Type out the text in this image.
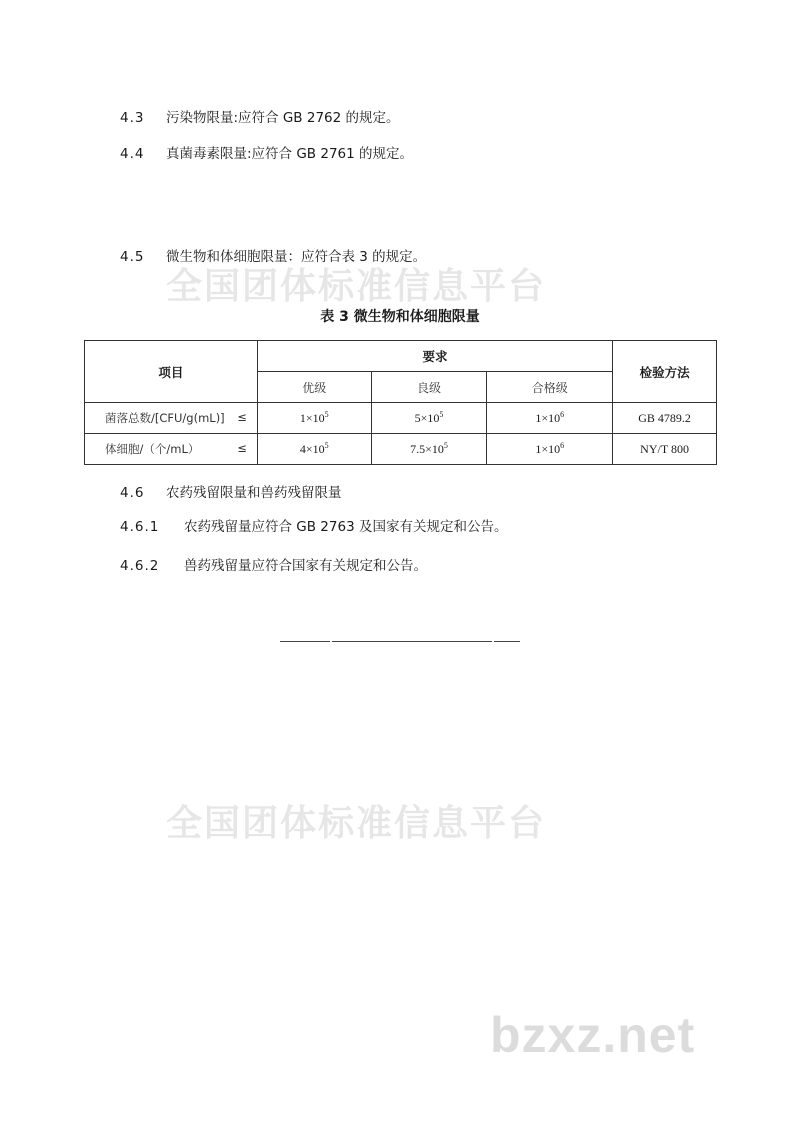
全国团体标准信息平台
全国团体标准信息平台
bzxz.net
4.3 污染物限量:应符合 GB 2762 的规定。
4.4 真菌毒素限量:应符合 GB 2761 的规定。
4.5 微生物和体细胞限量：应符合表 3 的规定。
表 3 微生物和体细胞限量
项目	要求			检验方法
	优级	良级	合格级	

菌落总数/[CFU/g(mL)] ≤	$1\times 10^5$	$5\times 10^5$	$1\times 10^6$	GB 4789.2

体细胞/（个/mL） ≤	$4\times 10^5$	$7.5\times 10^5$	$1\times 10^6$	NY/T 800
4.6 农药残留限量和兽药残留限量
4.6.1 农药残留量应符合 GB 2763 及国家有关规定和公告。
4.6.2 兽药残留量应符合国家有关规定和公告。
